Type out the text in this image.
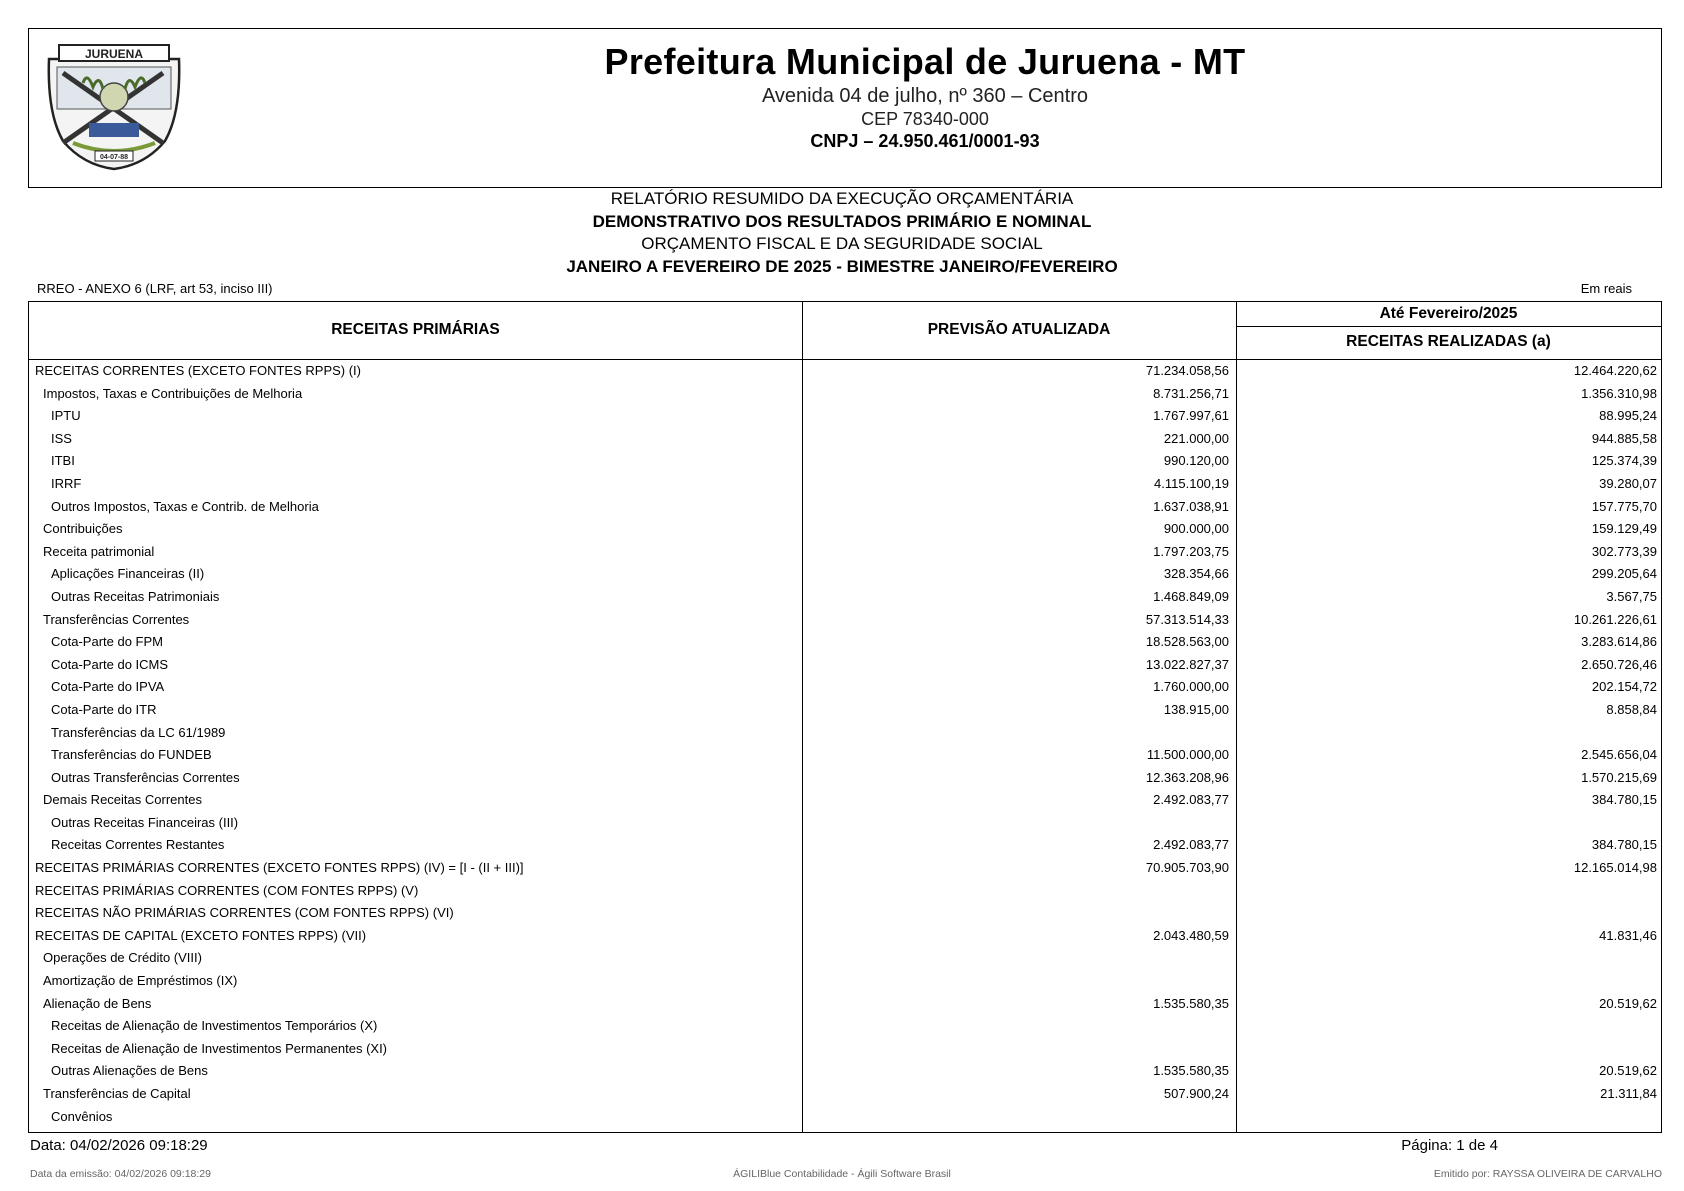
JURUENA
04-07-88
Prefeitura Municipal de Juruena - MT
Avenida 04 de julho, nº 360 – Centro
CEP 78340-000
CNPJ – 24.950.461/0001-93
RELATÓRIO RESUMIDO DA EXECUÇÃO ORÇAMENTÁRIA
DEMONSTRATIVO DOS RESULTADOS PRIMÁRIO E NOMINAL
ORÇAMENTO FISCAL E DA SEGURIDADE SOCIAL
JANEIRO A FEVEREIRO DE 2025 - BIMESTRE JANEIRO/FEVEREIRO
RREO - ANEXO 6 (LRF, art 53, inciso III)	Em reais
RECEITAS PRIMÁRIAS	PREVISÃO ATUALIZADA
Até Fevereiro/2025
RECEITAS REALIZADAS (a)
RECEITAS CORRENTES (EXCETO FONTES RPPS) (I)	71.234.058,56	12.464.220,62
Impostos, Taxas e Contribuições de Melhoria	8.731.256,71	1.356.310,98
IPTU	1.767.997,61	88.995,24
ISS	221.000,00	944.885,58
ITBI	990.120,00	125.374,39
IRRF	4.115.100,19	39.280,07
Outros Impostos, Taxas e Contrib. de Melhoria	1.637.038,91	157.775,70
Contribuições	900.000,00	159.129,49
Receita patrimonial	1.797.203,75	302.773,39
Aplicações Financeiras (II)	328.354,66	299.205,64
Outras Receitas Patrimoniais	1.468.849,09	3.567,75
Transferências Correntes	57.313.514,33	10.261.226,61
Cota-Parte do FPM	18.528.563,00	3.283.614,86
Cota-Parte do ICMS	13.022.827,37	2.650.726,46
Cota-Parte do IPVA	1.760.000,00	202.154,72
Cota-Parte do ITR	138.915,00	8.858,84
Transferências da LC 61/1989
Transferências do FUNDEB	11.500.000,00	2.545.656,04
Outras Transferências Correntes	12.363.208,96	1.570.215,69
Demais Receitas Correntes	2.492.083,77	384.780,15
Outras Receitas Financeiras (III)
Receitas Correntes Restantes	2.492.083,77	384.780,15
RECEITAS PRIMÁRIAS CORRENTES (EXCETO FONTES RPPS) (IV) = [I - (II + III)]	70.905.703,90	12.165.014,98
RECEITAS PRIMÁRIAS CORRENTES (COM FONTES RPPS) (V)
RECEITAS NÃO PRIMÁRIAS CORRENTES (COM FONTES RPPS) (VI)
RECEITAS DE CAPITAL (EXCETO FONTES RPPS) (VII)	2.043.480,59	41.831,46
Operações de Crédito (VIII)
Amortização de Empréstimos (IX)
Alienação de Bens	1.535.580,35	20.519,62
Receitas de Alienação de Investimentos Temporários (X)
Receitas de Alienação de Investimentos Permanentes (XI)
Outras Alienações de Bens	1.535.580,35	20.519,62
Transferências de Capital	507.900,24	21.311,84
Convênios
Data: 04/02/2026 09:18:29	Página: 1 de 4
Data da emissão: 04/02/2026 09:18:29	ÁGILIBlue Contabilidade - Ágili Software Brasil	Emitido por: RAYSSA OLIVEIRA DE CARVALHO
